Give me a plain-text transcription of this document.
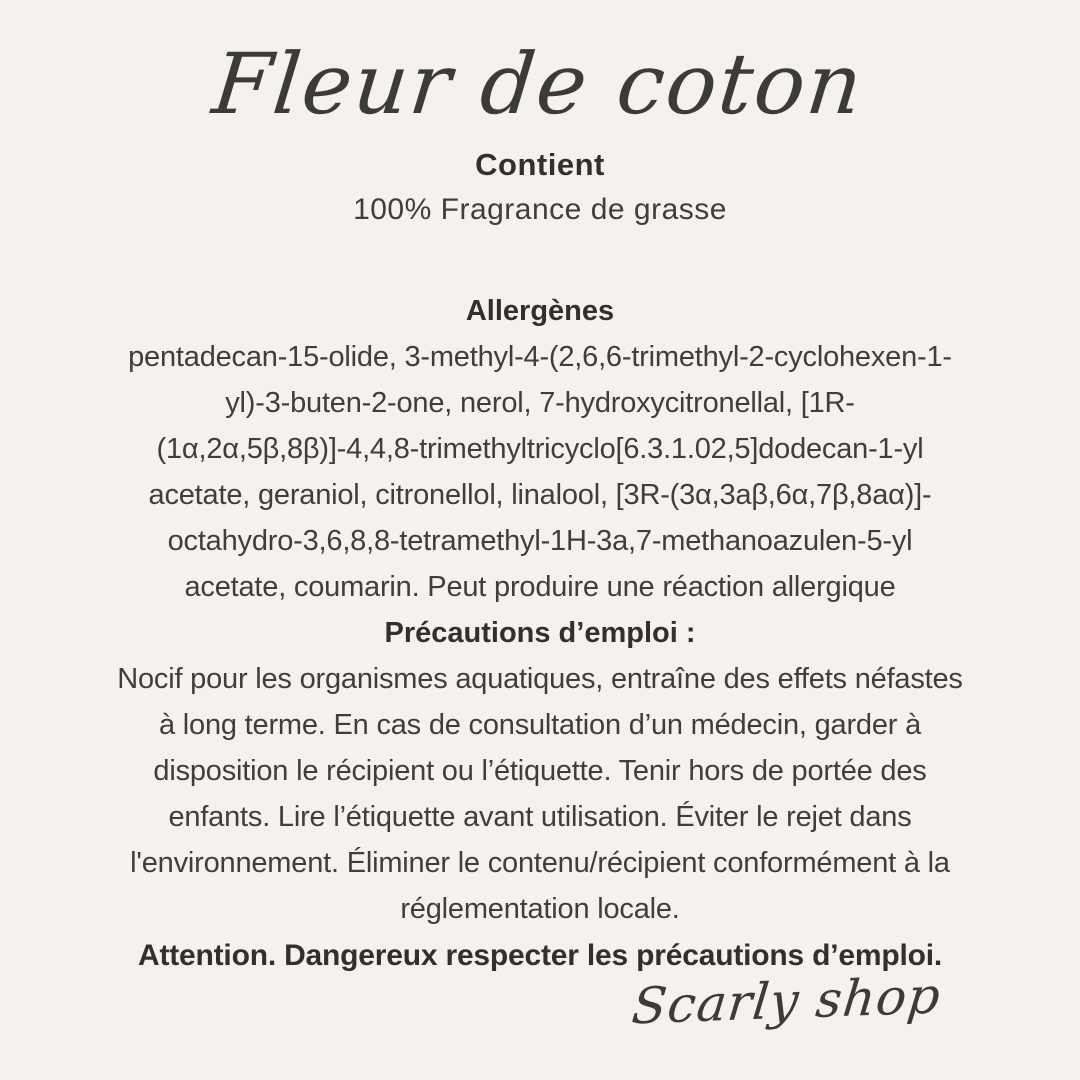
Fleur de coton
Contient
100% Fragrance de grasse
Allergènes
pentadecan-15-olide, 3-methyl-4-(2,6,6-trimethyl-2-cyclohexen-1-
yl)-3-buten-2-one, nerol, 7-hydroxycitronellal, [1R-
(1α,2α,5β,8β)]-4,4,8-trimethyltricyclo[6.3.1.02,5]dodecan-1-yl
acetate, geraniol, citronellol, linalool, [3R-(3α,3aβ,6α,7β,8aα)]-
octahydro-3,6,8,8-tetramethyl-1H-3a,7-methanoazulen-5-yl
acetate, coumarin. Peut produire une réaction allergique
Précautions d’emploi :
Nocif pour les organismes aquatiques, entraîne des effets néfastes
à long terme. En cas de consultation d’un médecin, garder à
disposition le récipient ou l’étiquette. Tenir hors de portée des
enfants. Lire l’étiquette avant utilisation. Éviter le rejet dans
l'environnement. Éliminer le contenu/récipient conformément à la
réglementation locale.
Attention. Dangereux respecter les précautions d’emploi.
Scarly shop
